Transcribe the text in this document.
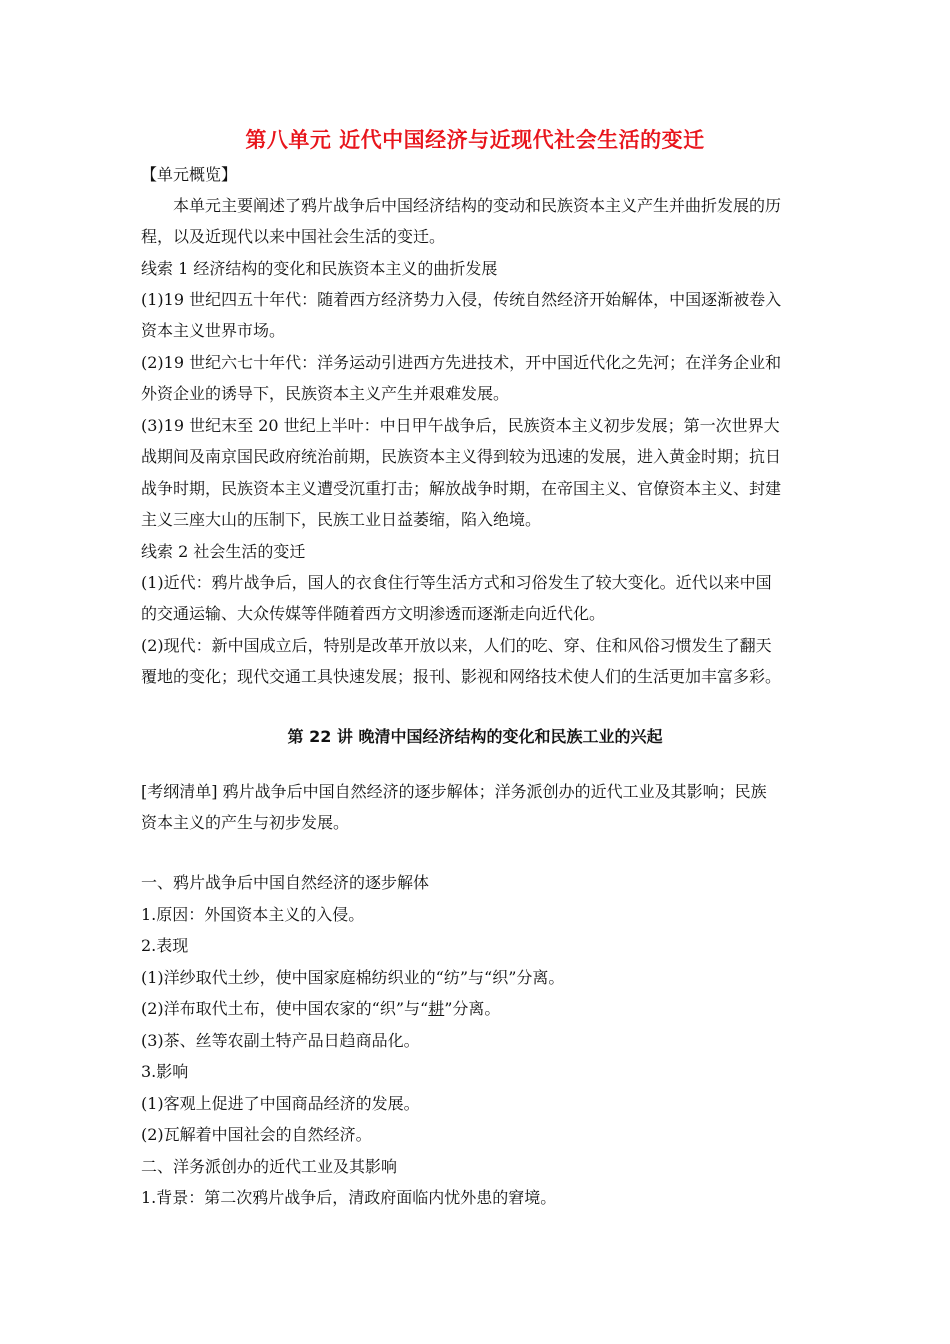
第八单元 近代中国经济与近现代社会生活的变迁
【单元概览】
本单元主要阐述了鸦片战争后中国经济结构的变动和民族资本主义产生并曲折发展的历
程，以及近现代以来中国社会生活的变迁。
线索 1 经济结构的变化和民族资本主义的曲折发展
(1)19 世纪四五十年代：随着西方经济势力入侵，传统自然经济开始解体，中国逐渐被卷入
资本主义世界市场。
(2)19 世纪六七十年代：洋务运动引进西方先进技术，开中国近代化之先河；在洋务企业和
外资企业的诱导下，民族资本主义产生并艰难发展。
(3)19 世纪末至 20 世纪上半叶：中日甲午战争后，民族资本主义初步发展；第一次世界大
战期间及南京国民政府统治前期，民族资本主义得到较为迅速的发展，进入黄金时期；抗日
战争时期，民族资本主义遭受沉重打击；解放战争时期，在帝国主义、官僚资本主义、封建
主义三座大山的压制下，民族工业日益萎缩，陷入绝境。
线索 2 社会生活的变迁
(1)近代：鸦片战争后，国人的衣食住行等生活方式和习俗发生了较大变化。近代以来中国
的交通运输、大众传媒等伴随着西方文明渗透而逐渐走向近代化。
(2)现代：新中国成立后，特别是改革开放以来，人们的吃、穿、住和风俗习惯发生了翻天
覆地的变化；现代交通工具快速发展；报刊、影视和网络技术使人们的生活更加丰富多彩。
第 22 讲 晚清中国经济结构的变化和民族工业的兴起
[考纲清单] 鸦片战争后中国自然经济的逐步解体；洋务派创办的近代工业及其影响；民族
资本主义的产生与初步发展。
一、鸦片战争后中国自然经济的逐步解体
1.原因：外国资本主义的入侵。
2.表现
(1)洋纱取代土纱，使中国家庭棉纺织业的“纺”与“织”分离。
(2)洋布取代土布，使中国农家的“织”与“耕”分离。
(3)茶、丝等农副土特产品日趋商品化。
3.影响
(1)客观上促进了中国商品经济的发展。
(2)瓦解着中国社会的自然经济。
二、洋务派创办的近代工业及其影响
1.背景：第二次鸦片战争后，清政府面临内忧外患的窘境。
